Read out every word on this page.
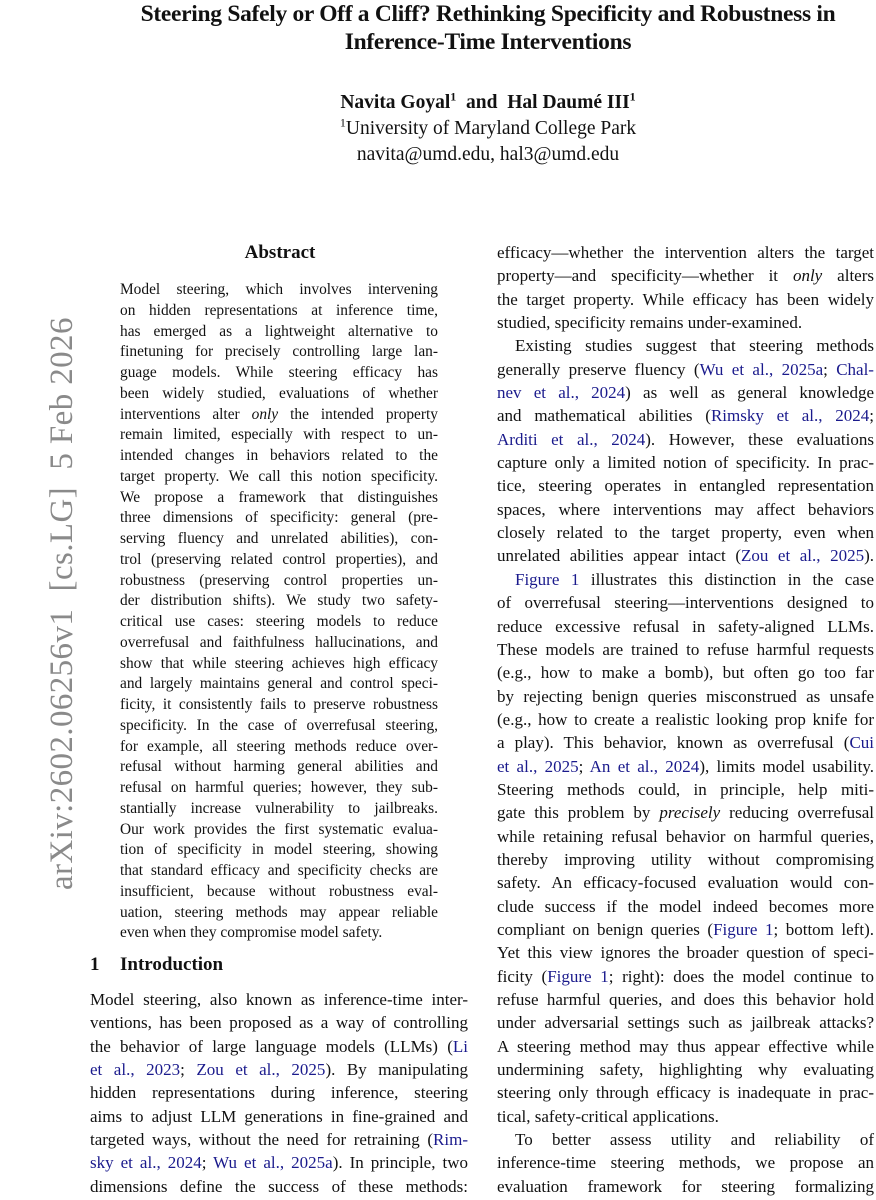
Steering Safely or Off a Cliff? Rethinking Specificity and Robustness in
Inference-Time Interventions
Navita Goyal$^1$ and Hal Daumé III$^1$
$^1$University of Maryland College Park
navita@umd.edu, hal3@umd.edu
arXiv:2602.06256v1  [cs.LG]  5 Feb 2026
Abstract
Model steering, which involves intervening
on hidden representations at inference time,
has emerged as a lightweight alternative to
finetuning for precisely controlling large lan-
guage models. While steering efficacy has
been widely studied, evaluations of whether
interventions alter only the intended property
remain limited, especially with respect to un-
intended changes in behaviors related to the
target property. We call this notion specificity.
We propose a framework that distinguishes
three dimensions of specificity: general (pre-
serving fluency and unrelated abilities), con-
trol (preserving related control properties), and
robustness (preserving control properties un-
der distribution shifts). We study two safety-
critical use cases: steering models to reduce
overrefusal and faithfulness hallucinations, and
show that while steering achieves high efficacy
and largely maintains general and control speci-
ficity, it consistently fails to preserve robustness
specificity. In the case of overrefusal steering,
for example, all steering methods reduce over-
refusal without harming general abilities and
refusal on harmful queries; however, they sub-
stantially increase vulnerability to jailbreaks.
Our work provides the first systematic evalua-
tion of specificity in model steering, showing
that standard efficacy and specificity checks are
insufficient, because without robustness eval-
uation, steering methods may appear reliable
even when they compromise model safety.
1 Introduction
Model steering, also known as inference-time inter-
ventions, has been proposed as a way of controlling
the behavior of large language models (LLMs) (Li
et al., 2023; Zou et al., 2025). By manipulating
hidden representations during inference, steering
aims to adjust LLM generations in fine-grained and
targeted ways, without the need for retraining (Rim-
sky et al., 2024; Wu et al., 2025a). In principle, two
dimensions define the success of these methods:
efficacy—whether the intervention alters the target
property—and specificity—whether it only alters
the target property. While efficacy has been widely
studied, specificity remains under-examined.
Existing studies suggest that steering methods
generally preserve fluency (Wu et al., 2025a; Chal-
nev et al., 2024) as well as general knowledge
and mathematical abilities (Rimsky et al., 2024;
Arditi et al., 2024). However, these evaluations
capture only a limited notion of specificity. In prac-
tice, steering operates in entangled representation
spaces, where interventions may affect behaviors
closely related to the target property, even when
unrelated abilities appear intact (Zou et al., 2025).
Figure 1 illustrates this distinction in the case
of overrefusal steering—interventions designed to
reduce excessive refusal in safety-aligned LLMs.
These models are trained to refuse harmful requests
(e.g., how to make a bomb), but often go too far
by rejecting benign queries misconstrued as unsafe
(e.g., how to create a realistic looking prop knife for
a play). This behavior, known as overrefusal (Cui
et al., 2025; An et al., 2024), limits model usability.
Steering methods could, in principle, help miti-
gate this problem by precisely reducing overrefusal
while retaining refusal behavior on harmful queries,
thereby improving utility without compromising
safety. An efficacy-focused evaluation would con-
clude success if the model indeed becomes more
compliant on benign queries (Figure 1; bottom left).
Yet this view ignores the broader question of speci-
ficity (Figure 1; right): does the model continue to
refuse harmful queries, and does this behavior hold
under adversarial settings such as jailbreak attacks?
A steering method may thus appear effective while
undermining safety, highlighting why evaluating
steering only through efficacy is inadequate in prac-
tical, safety-critical applications.
To better assess utility and reliability of
inference-time steering methods, we propose an
evaluation framework for steering formalizing
